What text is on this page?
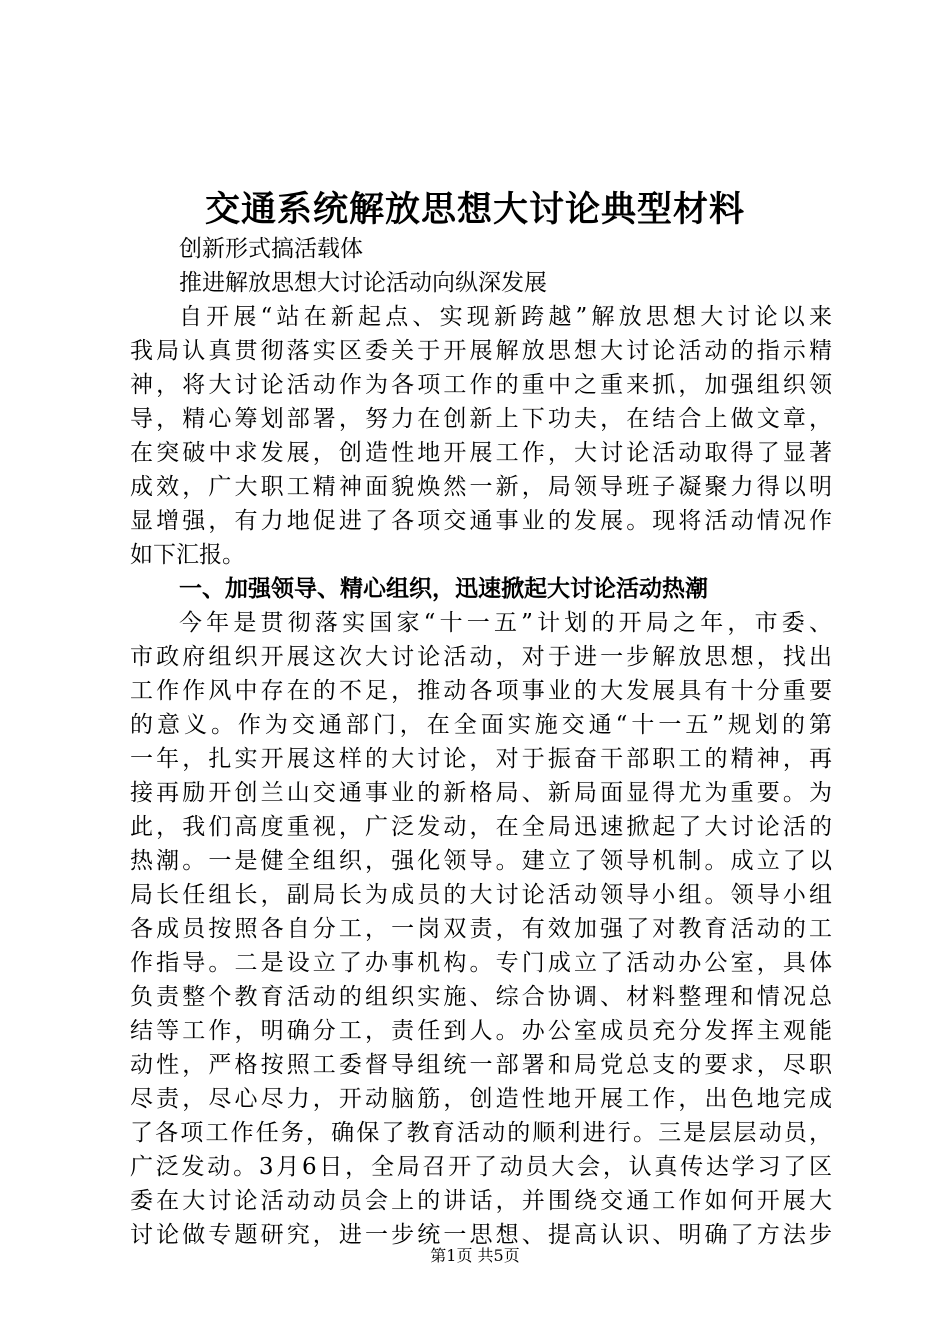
交通系统解放思想大讨论典型材料
创新形式搞活载体
推进解放思想大讨论活动向纵深发展
自开展“站在新起点、实现新跨越”解放思想大讨论以来
我局认真贯彻落实区委关于开展解放思想大讨论活动的指示精
神，将大讨论活动作为各项工作的重中之重来抓，加强组织领
导，精心筹划部署，努力在创新上下功夫，在结合上做文章，
在突破中求发展，创造性地开展工作，大讨论活动取得了显著
成效，广大职工精神面貌焕然一新，局领导班子凝聚力得以明
显增强，有力地促进了各项交通事业的发展。现将活动情况作
如下汇报。
一、加强领导、精心组织，迅速掀起大讨论活动热潮
今年是贯彻落实国家“十一五”计划的开局之年，市委、
市政府组织开展这次大讨论活动，对于进一步解放思想，找出
工作作风中存在的不足，推动各项事业的大发展具有十分重要
的意义。作为交通部门，在全面实施交通“十一五”规划的第
一年，扎实开展这样的大讨论，对于振奋干部职工的精神，再
接再励开创兰山交通事业的新格局、新局面显得尤为重要。为
此，我们高度重视，广泛发动，在全局迅速掀起了大讨论活的
热潮。一是健全组织，强化领导。建立了领导机制。成立了以
局长任组长，副局长为成员的大讨论活动领导小组。领导小组
各成员按照各自分工，一岗双责，有效加强了对教育活动的工
作指导。二是设立了办事机构。专门成立了活动办公室，具体
负责整个教育活动的组织实施、综合协调、材料整理和情况总
结等工作，明确分工，责任到人。办公室成员充分发挥主观能
动性，严格按照工委督导组统一部署和局党总支的要求，尽职
尽责，尽心尽力，开动脑筋，创造性地开展工作，出色地完成
了各项工作任务，确保了教育活动的顺利进行。三是层层动员，
广泛发动。3月6日，全局召开了动员大会，认真传达学习了区
委在大讨论活动动员会上的讲话，并围绕交通工作如何开展大
讨论做专题研究，进一步统一思想、提高认识、明确了方法步
第1页 共5页
